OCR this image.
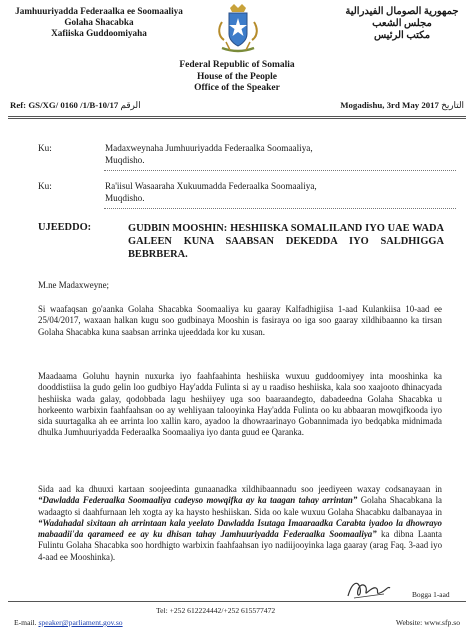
Jamhuuriyadda Federaalka ee Soomaaliya
Golaha Shacabka
Xafiiska Guddoomiyaha
جمهورية الصومال الفيدرالية
مجلس الشعب
مكتب الرئيس
Federal Republic of Somalia
House of the People
Office of the Speaker
Ref: GS/XG/ 0160 /1/B-10/17 الرقم	Mogadishu, 3rd May 2017 التاريخ
Ku:	Madaxweynaha Jumhuuriyadda Federaalka Soomaaliya,
Muqdisho.
Ku:	Ra'iisul Wasaaraha Xukuumadda Federaalka Soomaaliya,
Muqdisho.
UJEEDDO:	GUDBIN MOOSHIN: HESHIISKA SOMALILAND IYO UAE WADA GALEEN KUNA SAABSAN DEKEDDA IYO SALDHIGGA BEBRBERA.
M.ne Madaxweyne;
Si waafaqsan go'aanka Golaha Shacabka Soomaaliya ku gaaray Kalfadhigiisa 1-aad Kulankiisa 10-aad ee 25/04/2017, waxaan halkan kugu soo gudbinaya Mooshin is fasiraya oo iga soo gaaray xildhibaanno ka tirsan Golaha Shacabka kuna saabsan arrinka ujeeddada kor ku xusan.
Maadaama Goluhu haynin nuxurka iyo faahfaahinta heshiiska wuxuu guddoomiyey inta mooshinka ka dooddistiisa la gudo gelin loo gudbiyo Hay'adda Fulinta si ay u raadiso heshiiska, kala soo xaajooto dhinacyada heshiiska wada galay, qodobbada lagu heshiiyey uga soo baaraandegto, dabadeedna Golaha Shacabka u horkeento warbixin faahfaahsan oo ay wehliyaan talooyinka Hay'adda Fulinta oo ku abbaaran mowqifkooda iyo sida suurtagalka ah ee arrinta loo xallin karo, ayadoo la dhowraarinayo Gobannimada iyo bedqabka midnimada dhulka Jumhuuriyadda Federaalka Soomaaliya iyo danta guud ee Qaranka.
Sida aad ka dhuuxi kartaan soojeedinta gunaanadka xildhibaannadu soo jeediyeen waxay codsanayaan in “Dawladda Federaalka Soomaaliya cadeyso mowqifka ay ka taagan tahay arrintan” Golaha Shacabkana la wadaagto si daahfurnaan leh xogta ay ka haysto heshiiskan. Sida oo kale wuxuu Golaha Shacabku dalbanayaa in “Wadahadal sixitaan ah arrintaan kala yeelato Dawladda Isutaga Imaaraadka Carabta iyadoo la dhowrayo mabaadii'da qarameed ee ay ku dhisan tahay Jamhuuriyadda Federaalka Soomaaliya” ka dibna Laanta Fulintu Golaha Shacabka soo hordhigto warbixin faahfaahsan iyo nadiijooyinka laga gaaray (arag Faq. 3-aad iyo 4-aad ee Mooshinka).
Bogga 1-aad
Tel: +252 612224442/+252 615577472
E-mail. speaker@parliament.gov.so	Website: www.sfp.so
